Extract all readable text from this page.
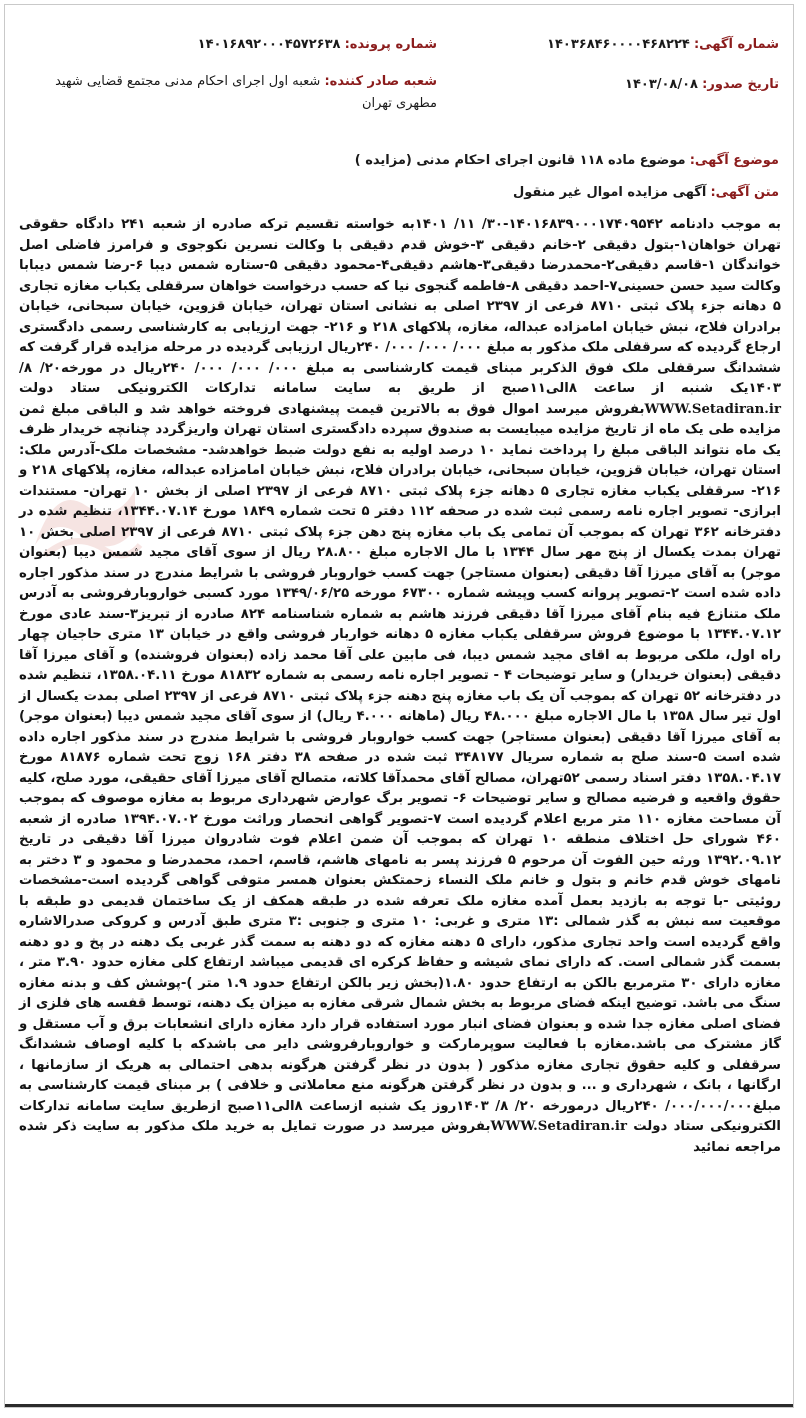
شماره آگهی: ۱۴۰۳۶۸۴۶۰۰۰۰۴۶۸۲۲۴
شماره پرونده: ۱۴۰۱۶۸۹۲۰۰۰۴۵۷۲۶۳۸
تاریخ صدور: ۱۴۰۳/۰۸/۰۸
شعبه صادر کننده: شعبه اول اجرای احکام مدنی مجتمع قضایی شهید مطهری تهران
موضوع آگهی: موضوع ماده ۱۱۸ قانون اجرای احکام مدنی (مزایده )
متن آگهی: آگهی مزایده اموال غیر منقول

به موجب دادنامه ۱۴۰۱۶۸۳۹۰۰۰۱۷۴۰۹۵۴۲-۳۰/ ۱۱/ ۱۴۰۱به خواسته تقسیم ترکه صادره از شعبه ۲۴۱ دادگاه حقوقی تهران خواهان۱-بتول دقیقی ۲-خانم دقیقی ۳-خوش قدم دقیقی با وکالت نسرین نکوجوی و فرامرز فاضلی اصل خواندگان ۱-قاسم دقیقی۲-محمدرضا دقیقی۳-هاشم دقیقی۴-محمود دقیقی ۵-ستاره شمس دیبا ۶-رضا شمس دیبابا وکالت سید حسن حسینی۷-احمد دقیقی ۸-فاطمه گنجوی نیا که حسب درخواست خواهان سرقفلی یکباب مغازه تجاری ۵ دهانه جزء پلاک ثبتی ۸۷۱۰ فرعی از ۲۳۹۷ اصلی به نشانی استان تهران، خیابان قزوین، خیابان سبحانی، خیابان برادران فلاح، نبش خیابان امامزاده عبداله، مغازه، پلاکهای ۲۱۸ و ۲۱۶- جهت ارزیابی به کارشناسی رسمی دادگستری ارجاع گردیده که سرقفلی ملک مذکور به مبلغ ۰۰۰/ ۰۰۰/ ۰۰۰/ ۲۴۰ریال ارزیابی گردیده در مرحله مزایده قرار گرفت که ششدانگ سرقفلی ملک فوق الذکربر مبنای قیمت کارشناسی به مبلغ ۰۰۰/ ۰۰۰/ ۰۰۰/ ۲۴۰ریال در مورخه۲۰/ ۸/ ۱۴۰۳یک شنبه از ساعت ۸الی۱۱صبح از طریق به سایت سامانه تدارکات الکترونیکی ستاد دولت WWW.Setadiran.irبفروش میرسد اموال فوق به بالاترین قیمت پیشنهادی فروخته خواهد شد و الباقی مبلغ ثمن مزایده طی یک ماه از تاریخ مزایده میبایست به صندوق سپرده دادگستری استان تهران واریزگردد چنانچه خریدار ظرف یک ماه نتواند الباقی مبلغ را پرداخت نماید ۱۰ درصد اولیه به نفع دولت ضبط خواهدشد- مشخصات ملک-آدرس ملک: استان تهران، خیابان قزوین، خیابان سبحانی، خیابان برادران فلاح، نبش خیابان امامزاده عبداله، مغازه، پلاکهای ۲۱۸ و ۲۱۶- سرقفلی یکباب مغازه تجاری ۵ دهانه جزء پلاک ثبتی ۸۷۱۰ فرعی از ۲۳۹۷ اصلی از بخش ۱۰ تهران- مستندات ابرازی- تصویر اجاره نامه رسمی ثبت شده در صحفه ۱۱۲ دفتر ۵ تحت شماره ۱۸۴۹ مورخ ۱۳۴۴.۰۷.۱۴، تنظیم شده در دفترخانه ۳۶۲ تهران که بموجب آن تمامی یک باب مغازه پنج دهن جزء پلاک ثبتی ۸۷۱۰ فرعی از ۲۳۹۷ اصلی بخش ۱۰ تهران بمدت یکسال از پنج مهر سال ۱۳۴۴ با مال الاجاره مبلغ ۲۸.۸۰۰ ریال از سوی آقای مجید شمس دیبا (بعنوان موجر) به آقای میرزا آقا دقیقی (بعنوان مستاجر) جهت کسب خواروبار فروشی با شرایط مندرج در سند مذکور اجاره داده شده است ۲-تصویر پروانه کسب وپیشه شماره ۶۷۳۰۰ مورخه ۱۳۴۹/۰۶/۲۵ مورد کسبی خواروبارفروشی به آدرس ملک متنازع فیه بنام آقای میرزا آقا دقیقی فرزند هاشم به شماره شناسنامه ۸۲۴ صادره از تبریز۳-سند عادی مورخ ۱۳۴۴.۰۷.۱۲ با موضوع فروش سرقفلی یکباب مغازه ۵ دهانه خواربار فروشی واقع در خیابان ۱۳ متری حاجیان چهار راه اول، ملکی مربوط به اقای مجید شمس دیبا، فی مابین علی آقا محمد زاده (بعنوان فروشنده) و آقای میرزا آقا دقیقی (بعنوان خریدار) و سایر توضیحات ۴ - تصویر اجاره نامه رسمی به شماره ۸۱۸۳۲ مورخ ۱۳۵۸.۰۴.۱۱، تنظیم شده در دفترخانه ۵۲ تهران که بموجب آن یک باب مغازه پنج دهنه جزء پلاک ثبتی ۸۷۱۰ فرعی از ۲۳۹۷ اصلی بمدت یکسال از اول تیر سال ۱۳۵۸ با مال الاجاره مبلغ ۴۸.۰۰۰ ریال (ماهانه ۴.۰۰۰ ریال) از سوی آقای مجید شمس دیبا (بعنوان موجر) به آقای میرزا آقا دقیقی (بعنوان مستاجر) جهت کسب خواروبار فروشی با شرایط مندرج در سند مذکور اجاره داده شده است ۵-سند صلح به شماره سریال ۳۴۸۱۷۷ ثبت شده در صفحه ۳۸ دفتر ۱۶۸ زوج تحت شماره ۸۱۸۷۶ مورخ ۱۳۵۸.۰۴.۱۷ دفتر اسناد رسمی ۵۲تهران، مصالح آقای محمدآقا کلاته، متصالح آقای میرزا آقای حقیقی، مورد صلح، کلیه حقوق واقعیه و فرضیه مصالح و سایر توضیحات ۶- تصویر برگ عوارض شهرداری مربوط به مغازه موصوف که بموجب آن مساحت مغازه ۱۱۰ متر مربع اعلام گردیده است ۷-تصویر گواهی انحصار وراثت مورخ ۱۳۹۴.۰۷.۰۲ صادره از شعبه ۴۶۰ شورای حل اختلاف منطقه ۱۰ تهران که بموجب آن ضمن اعلام فوت شادروان میرزا آقا دقیقی در تاریخ ۱۳۹۲.۰۹.۱۲ ورثه حین الفوت آن مرحوم ۵ فرزند پسر به نامهای هاشم، قاسم، احمد، محمدرضا و محمود و ۳ دختر به نامهای خوش قدم خانم و بتول و خانم ملک النساء زحمتکش بعنوان همسر متوفی گواهی گردیده است-مشخصات روئیتی -با توجه به بازدید بعمل آمده مغازه ملک تعرفه شده در طبقه همکف از یک ساختمان قدیمی دو طبقه با موقعیت سه نبش به گذر شمالی :۱۳ متری و غربی: ۱۰ متری و جنوبی :۳ متری طبق آدرس و کروکی صدرالاشاره واقع گردیده است واحد تجاری مذکور، دارای ۵ دهنه مغازه که دو دهنه به سمت گذر غربی یک دهنه در پخ و دو دهنه بسمت گذر شمالی است. که دارای نمای شیشه و حفاظ کرکره ای قدیمی میباشد ارتفاع کلی مغازه حدود ۳.۹۰ متر ، مغازه دارای ۳۰ مترمربع بالکن به ارتفاع حدود ۱.۸۰(بخش زیر بالکن ارتفاع حدود ۱.۹ متر )-پوشش کف و بدنه مغازه سنگ می باشد. توضیح اینکه فضای مربوط به بخش شمال شرقی مغازه به میزان یک دهنه، توسط قفسه های فلزی از فضای اصلی مغازه جدا شده و بعنوان فضای انبار مورد استفاده قرار دارد مغازه دارای انشعابات برق و آب مستقل و گاز مشترک می باشد.مغازه با فعالیت سوپرمارکت و خواروبارفروشی دایر می باشدکه با کلیه اوصاف ششدانگ سرقفلی و کلیه حقوق تجاری مغازه مذکور ( بدون در نظر گرفتن هرگونه بدهی احتمالی به هریک از سازمانها ، ارگانها ، بانک ، شهرداری و ... و بدون در نظر گرفتن هرگونه منع معاملاتی و خلافی ) بر مبنای قیمت کارشناسی به مبلغ۰۰۰/۰۰۰/۰۰۰/ ۲۴۰ریال درمورخه ۲۰/ ۸/ ۱۴۰۳روز یک شنبه ازساعت ۸الی۱۱صبح ازطریق سایت سامانه تدارکات الکترونیکی ستاد دولت WWW.Setadiran.irبفروش میرسد در صورت تمایل به خرید ملک مذکور به سایت ذکر شده مراجعه نمائید
